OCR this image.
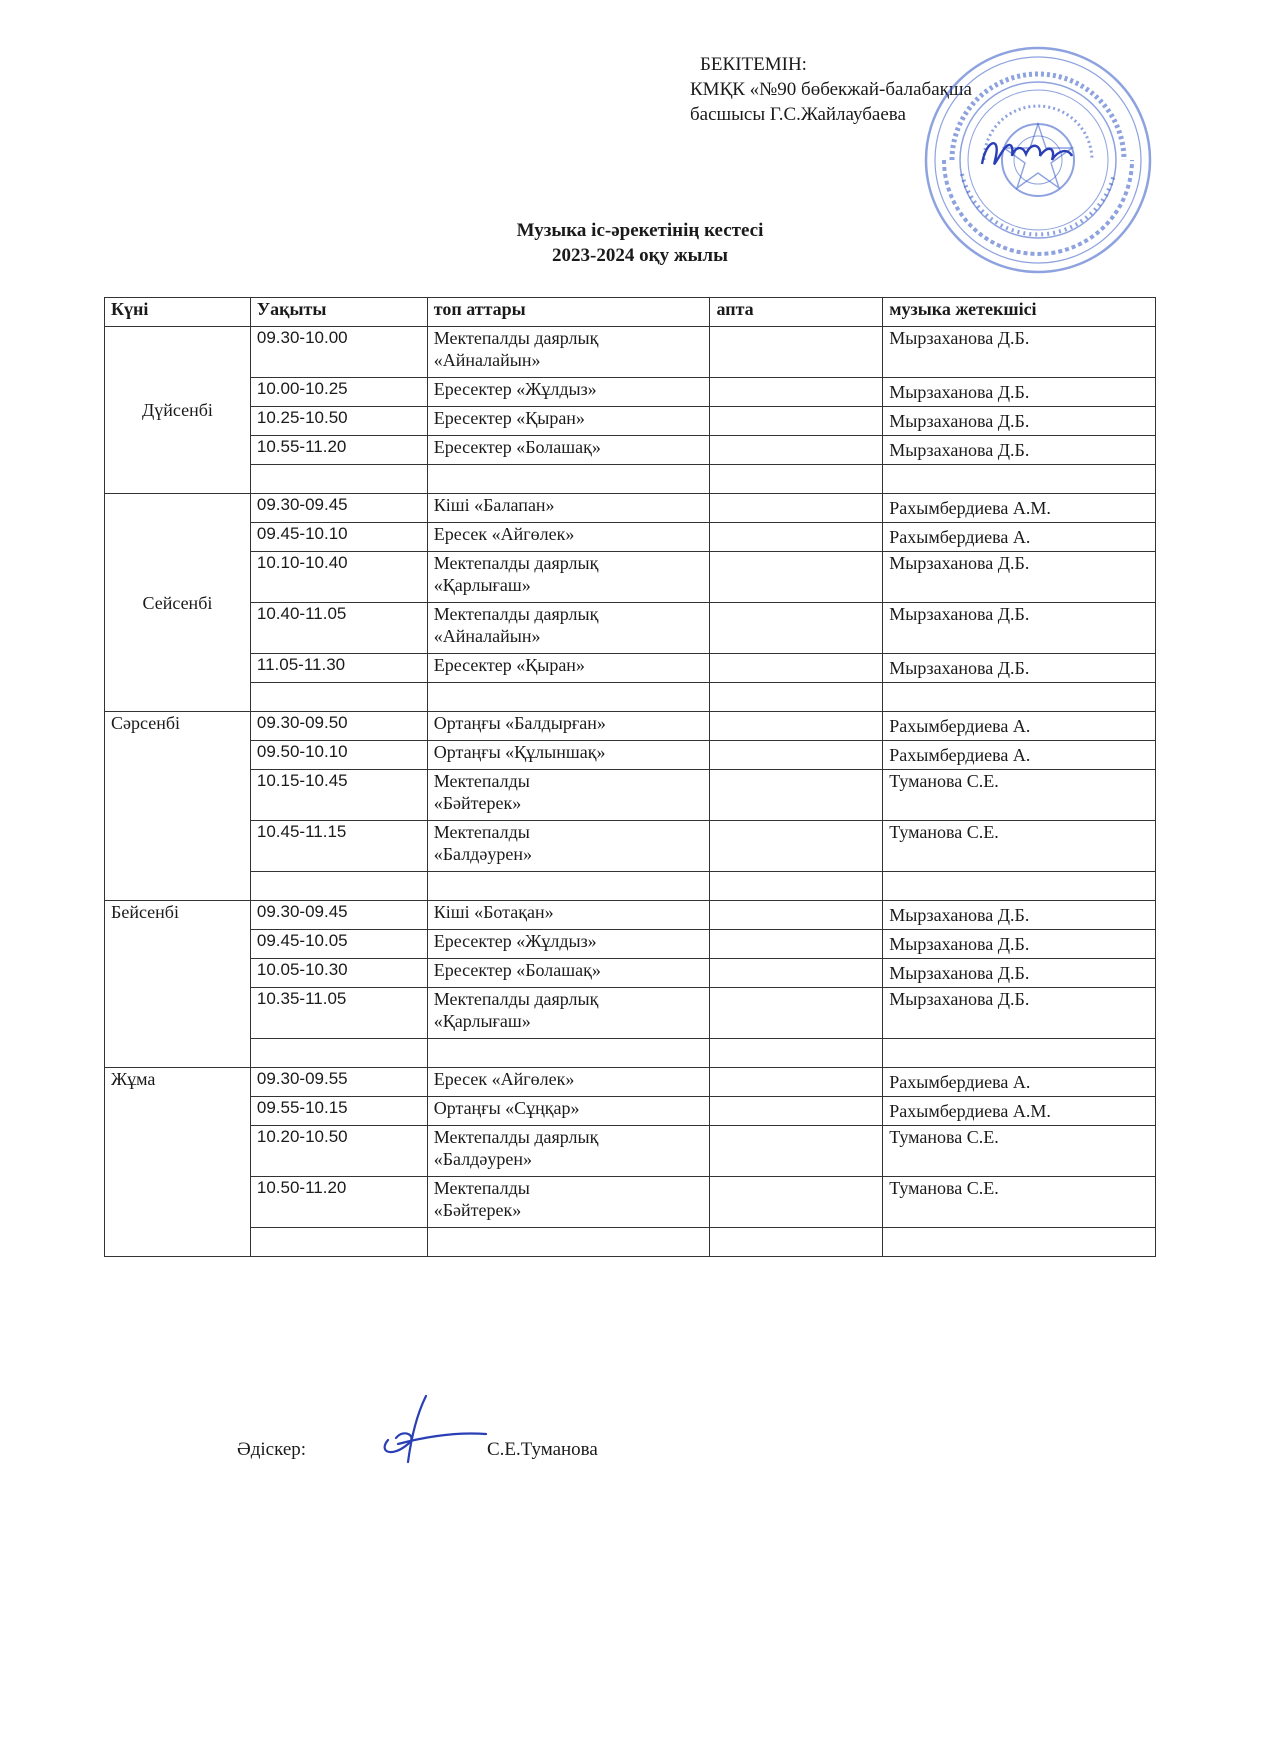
БЕКІТЕМІН:
КМҚК «№90 бөбекжай-балабақша
басшысы Г.С.Жайлаубаева
Музыка іс-әрекетінің кестесі
2023-2024 оқу жылы
Күні	Уақыты	топ аттары	апта	музыка жетекшісі
Дүйсенбі	09.30-10.00	Мектепалды даярлық
«Айналайын»		Мырзаханова Д.Б.
	10.00-10.25	Ересектер «Жұлдыз»		Мырзаханова Д.Б.
	10.25-10.50	Ересектер «Қыран»		Мырзаханова Д.Б.
	10.55-11.20	Ересектер «Болашақ»		Мырзаханова Д.Б.

Сейсенбі	09.30-09.45	Кіші «Балапан»		Рахымбердиева А.М.
	09.45-10.10	Ересек «Айгөлек»		Рахымбердиева А.
	10.10-10.40	Мектепалды даярлық
«Қарлығаш»		Мырзаханова Д.Б.
	10.40-11.05	Мектепалды даярлық
«Айналайын»		Мырзаханова Д.Б.
	11.05-11.30	Ересектер «Қыран»		Мырзаханова Д.Б.

Сәрсенбі	09.30-09.50	Ортаңғы «Балдырған»		Рахымбердиева А.
	09.50-10.10	Ортаңғы «Құлыншақ»		Рахымбердиева А.
	10.15-10.45	Мектепалды
«Бәйтерек»		Туманова С.Е.
	10.45-11.15	Мектепалды
«Балдәурен»		Туманова С.Е.

Бейсенбі	09.30-09.45	Кіші «Ботақан»		Мырзаханова Д.Б.
	09.45-10.05	Ересектер «Жұлдыз»		Мырзаханова Д.Б.
	10.05-10.30	Ересектер «Болашақ»		Мырзаханова Д.Б.
	10.35-11.05	Мектепалды даярлық
«Қарлығаш»		Мырзаханова Д.Б.

Жұма	09.30-09.55	Ересек «Айгөлек»		Рахымбердиева А.
	09.55-10.15	Ортаңғы «Сұңқар»		Рахымбердиева А.М.
	10.20-10.50	Мектепалды даярлық
«Балдәурен»		Туманова С.Е.
	10.50-11.20	Мектепалды
«Бәйтерек»		Туманова С.Е.

Әдіскер:	С.Е.Туманова
